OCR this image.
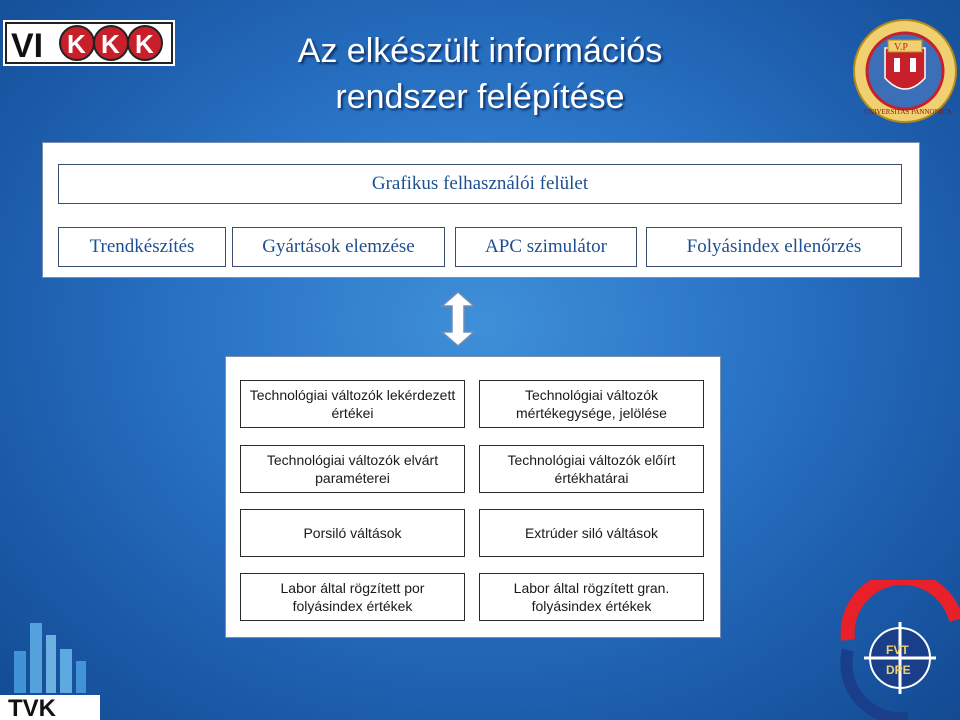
Az elkészült információs
rendszer felépítése
VI K K K	V.P
UNIVERSITAS PANNONICA
Grafikus felhasználói felület
Trendkészítés	Gyártások elemzése	APC szimulátor	Folyásindex ellenőrzés
Technológiai változók lekérdezett értékei
Technológiai változók elvárt paraméterei
Porsiló váltások
Labor által rögzített por folyásindex értékek
Technológiai változók mértékegysége, jelölése
Technológiai változók előírt értékhatárai
Extrúder siló váltások
Labor által rögzített gran. folyásindex értékek
TVK
FVT
DPE
